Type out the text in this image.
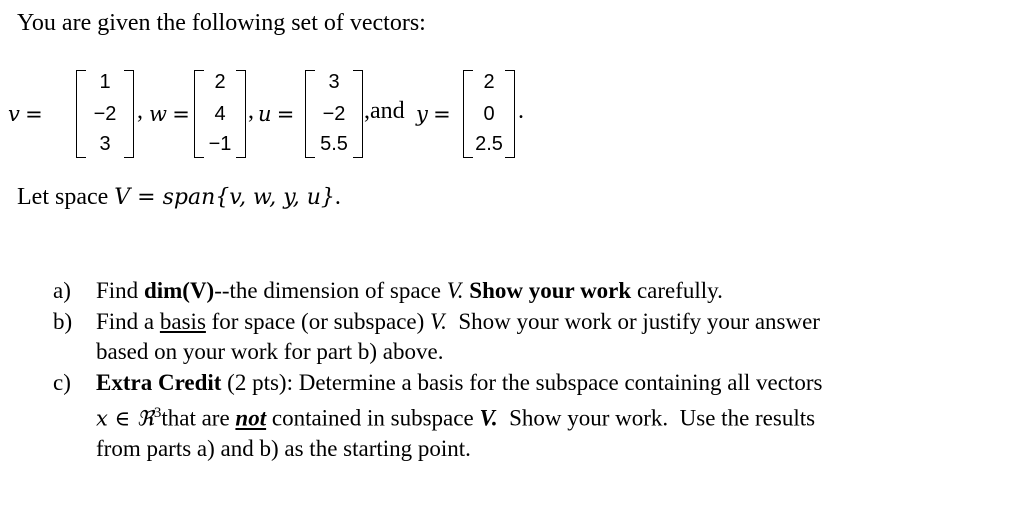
You are given the following set of vectors:
v =
1
−2
3
, w =
2
4
−1
, u =
3
−2
5.5
,and y =
2
0
2.5
.
Let space V = span{v, w, y, u}.
a) Find dim(V)--the dimension of space V. Show your work carefully.
b) Find a basis for space (or subspace) V.  Show your work or justify your answer
based on your work for part b) above.
c) Extra Credit (2 pts): Determine a basis for the subspace containing all vectors
x ∈ ℜ$^3$that are not contained in subspace V.  Show your work.  Use the results
from parts a) and b) as the starting point.
